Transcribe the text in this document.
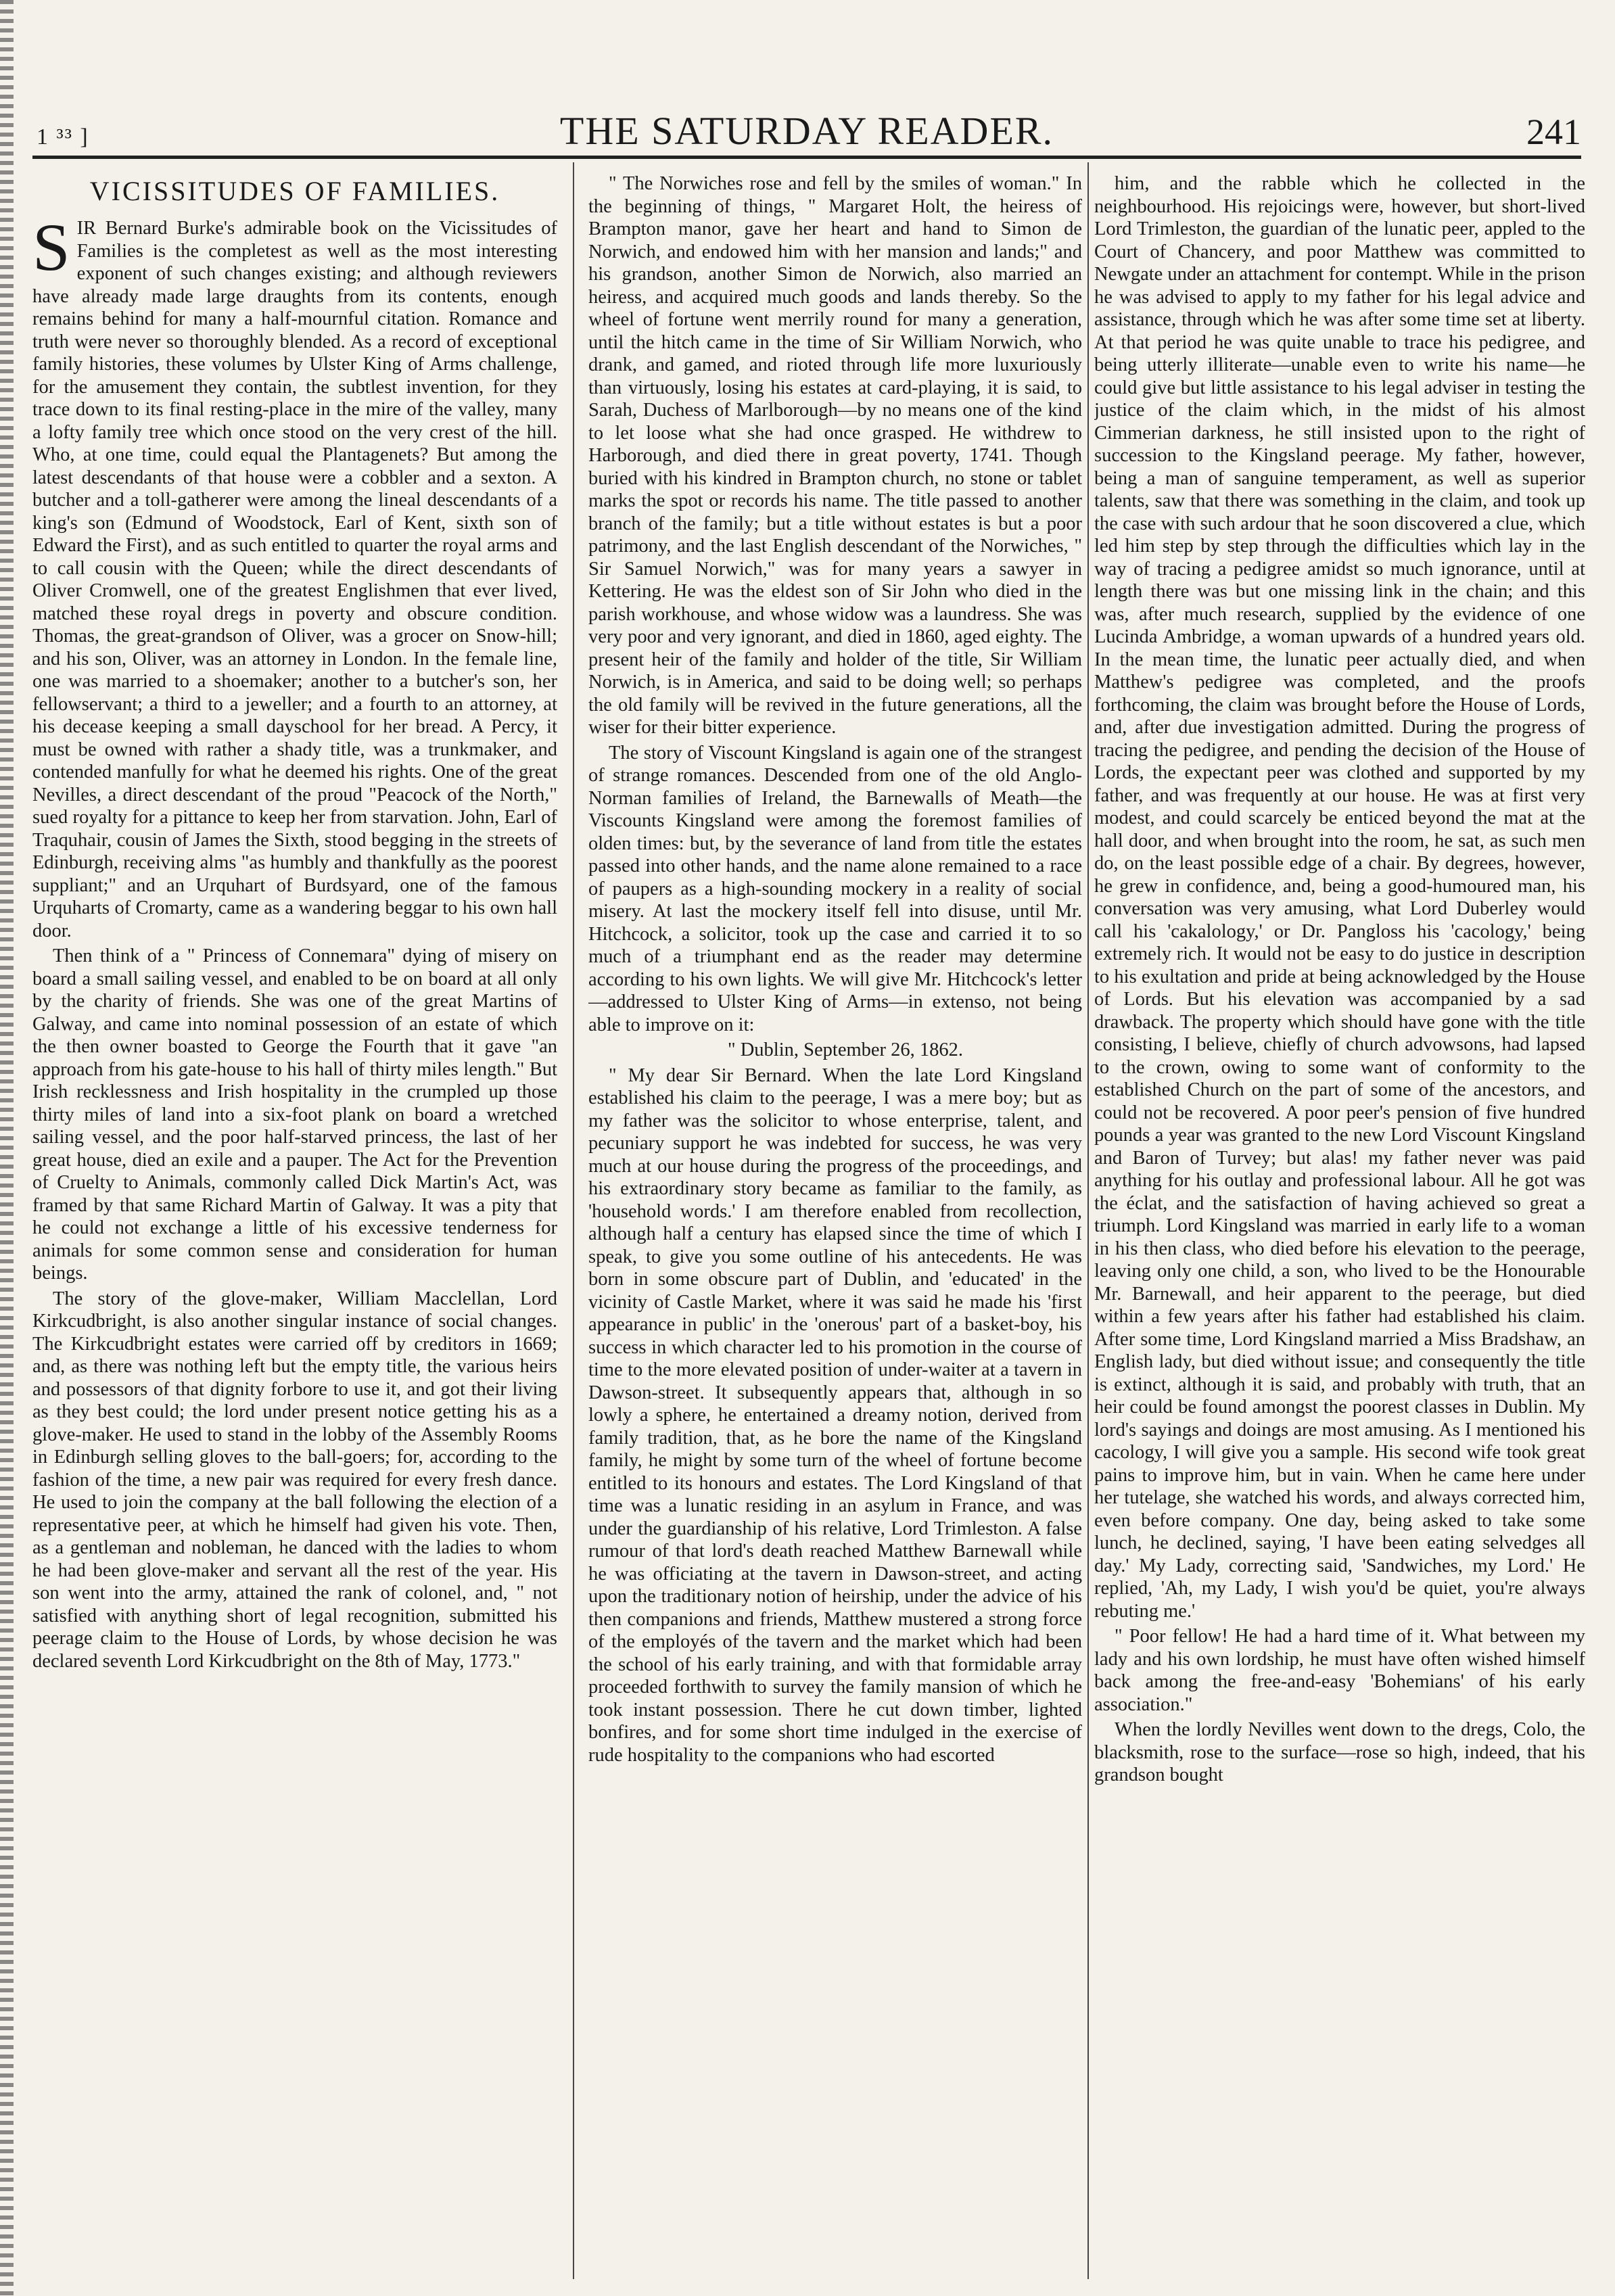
1 ³³ ]	THE SATURDAY READER.	241
VICISSITUDES OF FAMILIES.

SIR Bernard Burke's admirable book on the Vicissitudes of Families is the completest as well as the most interesting exponent of such changes existing; and although reviewers have already made large draughts from its contents, enough remains behind for many a half-mournful citation. Romance and truth were never so thoroughly blended. As a record of exceptional family histories, these volumes by Ulster King of Arms challenge, for the amusement they contain, the subtlest invention, for they trace down to its final resting-place in the mire of the valley, many a lofty family tree which once stood on the very crest of the hill. Who, at one time, could equal the Plantagenets? But among the latest descendants of that house were a cobbler and a sexton. A butcher and a toll-gatherer were among the lineal descendants of a king's son (Edmund of Woodstock, Earl of Kent, sixth son of Edward the First), and as such entitled to quarter the royal arms and to call cousin with the Queen; while the direct descendants of Oliver Cromwell, one of the greatest Englishmen that ever lived, matched these royal dregs in poverty and obscure condition. Thomas, the great-grandson of Oliver, was a grocer on Snow-hill; and his son, Oliver, was an attorney in London. In the female line, one was married to a shoemaker; another to a butcher's son, her fellowservant; a third to a jeweller; and a fourth to an attorney, at his decease keeping a small dayschool for her bread. A Percy, it must be owned with rather a shady title, was a trunkmaker, and contended manfully for what he deemed his rights. One of the great Nevilles, a direct descendant of the proud "Peacock of the North," sued royalty for a pittance to keep her from starvation. John, Earl of Traquhair, cousin of James the Sixth, stood begging in the streets of Edinburgh, receiving alms "as humbly and thankfully as the poorest suppliant;" and an Urquhart of Burdsyard, one of the famous Urquharts of Cromarty, came as a wandering beggar to his own hall door.

Then think of a " Princess of Connemara" dying of misery on board a small sailing vessel, and enabled to be on board at all only by the charity of friends. She was one of the great Martins of Galway, and came into nominal possession of an estate of which the then owner boasted to George the Fourth that it gave "an approach from his gate-house to his hall of thirty miles length." But Irish recklessness and Irish hospitality in the crumpled up those thirty miles of land into a six-foot plank on board a wretched sailing vessel, and the poor half-starved princess, the last of her great house, died an exile and a pauper. The Act for the Prevention of Cruelty to Animals, commonly called Dick Martin's Act, was framed by that same Richard Martin of Galway. It was a pity that he could not exchange a little of his excessive tenderness for animals for some common sense and consideration for human beings.

The story of the glove-maker, William Macclellan, Lord Kirkcudbright, is also another singular instance of social changes. The Kirkcudbright estates were carried off by creditors in 1669; and, as there was nothing left but the empty title, the various heirs and possessors of that dignity forbore to use it, and got their living as they best could; the lord under present notice getting his as a glove-maker. He used to stand in the lobby of the Assembly Rooms in Edinburgh selling gloves to the ball-goers; for, according to the fashion of the time, a new pair was required for every fresh dance. He used to join the company at the ball following the election of a representative peer, at which he himself had given his vote. Then, as a gentleman and nobleman, he danced with the ladies to whom he had been glove-maker and servant all the rest of the year. His son went into the army, attained the rank of colonel, and, " not satisfied with anything short of legal recognition, submitted his peerage claim to the House of Lords, by whose decision he was declared seventh Lord Kirkcudbright on the 8th of May, 1773."

" The Norwiches rose and fell by the smiles of woman." In the beginning of things, " Margaret Holt, the heiress of Brampton manor, gave her heart and hand to Simon de Norwich, and endowed him with her mansion and lands;" and his grandson, another Simon de Norwich, also married an heiress, and acquired much goods and lands thereby. So the wheel of fortune went merrily round for many a generation, until the hitch came in the time of Sir William Norwich, who drank, and gamed, and rioted through life more luxuriously than virtuously, losing his estates at card-playing, it is said, to Sarah, Duchess of Marlborough—by no means one of the kind to let loose what she had once grasped. He withdrew to Harborough, and died there in great poverty, 1741. Though buried with his kindred in Brampton church, no stone or tablet marks the spot or records his name. The title passed to another branch of the family; but a title without estates is but a poor patrimony, and the last English descendant of the Norwiches, " Sir Samuel Norwich," was for many years a sawyer in Kettering. He was the eldest son of Sir John who died in the parish workhouse, and whose widow was a laundress. She was very poor and very ignorant, and died in 1860, aged eighty. The present heir of the family and holder of the title, Sir William Norwich, is in America, and said to be doing well; so perhaps the old family will be revived in the future generations, all the wiser for their bitter experience.

The story of Viscount Kingsland is again one of the strangest of strange romances. Descended from one of the old Anglo-Norman families of Ireland, the Barnewalls of Meath—the Viscounts Kingsland were among the foremost families of olden times: but, by the severance of land from title the estates passed into other hands, and the name alone remained to a race of paupers as a high-sounding mockery in a reality of social misery. At last the mockery itself fell into disuse, until Mr. Hitchcock, a solicitor, took up the case and carried it to so much of a triumphant end as the reader may determine according to his own lights. We will give Mr. Hitchcock's letter—addressed to Ulster King of Arms—in extenso, not being able to improve on it:

" Dublin, September 26, 1862.

" My dear Sir Bernard. When the late Lord Kingsland established his claim to the peerage, I was a mere boy; but as my father was the solicitor to whose enterprise, talent, and pecuniary support he was indebted for success, he was very much at our house during the progress of the proceedings, and his extraordinary story became as familiar to the family, as 'household words.' I am therefore enabled from recollection, although half a century has elapsed since the time of which I speak, to give you some outline of his antecedents. He was born in some obscure part of Dublin, and 'educated' in the vicinity of Castle Market, where it was said he made his 'first appearance in public' in the 'onerous' part of a basket-boy, his success in which character led to his promotion in the course of time to the more elevated position of under-waiter at a tavern in Dawson-street. It subsequently appears that, although in so lowly a sphere, he entertained a dreamy notion, derived from family tradition, that, as he bore the name of the Kingsland family, he might by some turn of the wheel of fortune become entitled to its honours and estates. The Lord Kingsland of that time was a lunatic residing in an asylum in France, and was under the guardianship of his relative, Lord Trimleston. A false rumour of that lord's death reached Matthew Barnewall while he was officiating at the tavern in Dawson-street, and acting upon the traditionary notion of heirship, under the advice of his then companions and friends, Matthew mustered a strong force of the employés of the tavern and the market which had been the school of his early training, and with that formidable array proceeded forthwith to survey the family mansion of which he took instant possession. There he cut down timber, lighted bonfires, and for some short time indulged in the exercise of rude hospitality to the companions who had escorted

him, and the rabble which he collected in the neighbourhood. His rejoicings were, however, but short-lived Lord Trimleston, the guardian of the lunatic peer, appled to the Court of Chancery, and poor Matthew was committed to Newgate under an attachment for contempt. While in the prison he was advised to apply to my father for his legal advice and assistance, through which he was after some time set at liberty. At that period he was quite unable to trace his pedigree, and being utterly illiterate—unable even to write his name—he could give but little assistance to his legal adviser in testing the justice of the claim which, in the midst of his almost Cimmerian darkness, he still insisted upon to the right of succession to the Kingsland peerage. My father, however, being a man of sanguine temperament, as well as superior talents, saw that there was something in the claim, and took up the case with such ardour that he soon discovered a clue, which led him step by step through the difficulties which lay in the way of tracing a pedigree amidst so much ignorance, until at length there was but one missing link in the chain; and this was, after much research, supplied by the evidence of one Lucinda Ambridge, a woman upwards of a hundred years old. In the mean time, the lunatic peer actually died, and when Matthew's pedigree was completed, and the proofs forthcoming, the claim was brought before the House of Lords, and, after due investigation admitted. During the progress of tracing the pedigree, and pending the decision of the House of Lords, the expectant peer was clothed and supported by my father, and was frequently at our house. He was at first very modest, and could scarcely be enticed beyond the mat at the hall door, and when brought into the room, he sat, as such men do, on the least possible edge of a chair. By degrees, however, he grew in confidence, and, being a good-humoured man, his conversation was very amusing, what Lord Duberley would call his 'cakalology,' or Dr. Pangloss his 'cacology,' being extremely rich. It would not be easy to do justice in description to his exultation and pride at being acknowledged by the House of Lords. But his elevation was accompanied by a sad drawback. The property which should have gone with the title consisting, I believe, chiefly of church advowsons, had lapsed to the crown, owing to some want of conformity to the established Church on the part of some of the ancestors, and could not be recovered. A poor peer's pension of five hundred pounds a year was granted to the new Lord Viscount Kingsland and Baron of Turvey; but alas! my father never was paid anything for his outlay and professional labour. All he got was the éclat, and the satisfaction of having achieved so great a triumph. Lord Kingsland was married in early life to a woman in his then class, who died before his elevation to the peerage, leaving only one child, a son, who lived to be the Honourable Mr. Barnewall, and heir apparent to the peerage, but died within a few years after his father had established his claim. After some time, Lord Kingsland married a Miss Bradshaw, an English lady, but died without issue; and consequently the title is extinct, although it is said, and probably with truth, that an heir could be found amongst the poorest classes in Dublin. My lord's sayings and doings are most amusing. As I mentioned his cacology, I will give you a sample. His second wife took great pains to improve him, but in vain. When he came here under her tutelage, she watched his words, and always corrected him, even before company. One day, being asked to take some lunch, he declined, saying, 'I have been eating selvedges all day.' My Lady, correcting said, 'Sandwiches, my Lord.' He replied, 'Ah, my Lady, I wish you'd be quiet, you're always rebuting me.'

" Poor fellow! He had a hard time of it. What between my lady and his own lordship, he must have often wished himself back among the free-and-easy 'Bohemians' of his early association."

When the lordly Nevilles went down to the dregs, Colo, the blacksmith, rose to the surface—rose so high, indeed, that his grandson bought
